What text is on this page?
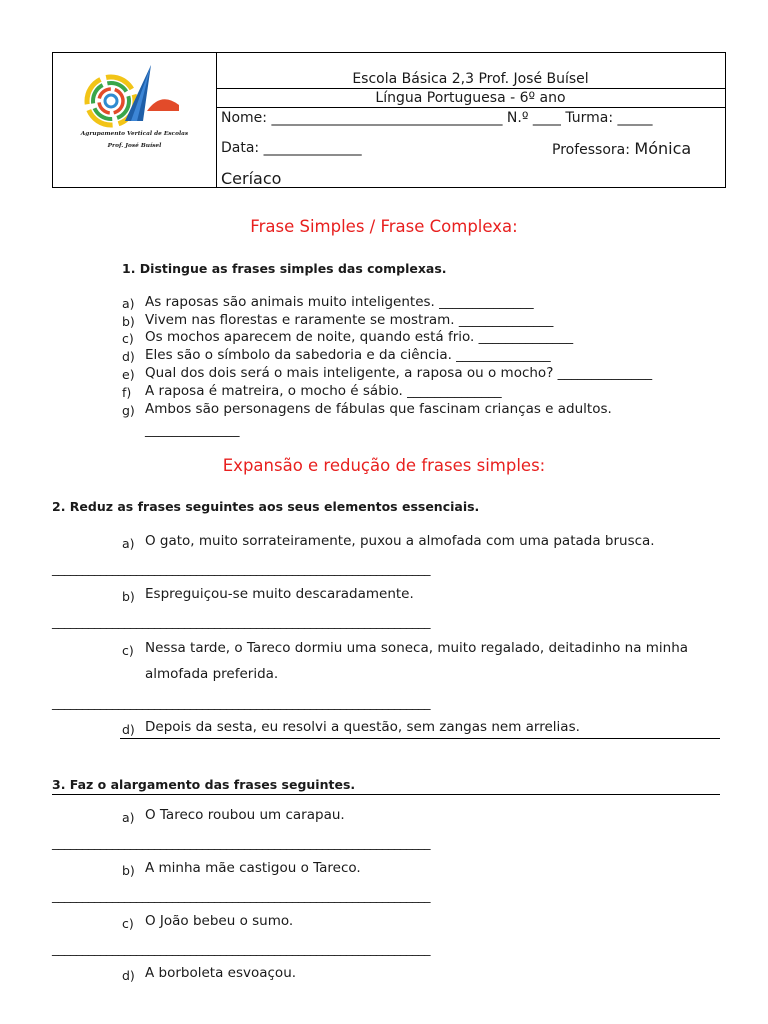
Agrupamento Vertical de Escolas
Prof. José Buísel
Escola Básica 2,3 Prof. José Buísel
Língua Portuguesa - 6º ano
Nome: _________________________________ N.º ____ Turma: _____
Data: ______________	Professora: Mónica
Ceríaco
Frase Simples / Frase Complexa:
1. Distingue as frases simples das complexas.
a) As raposas são animais muito inteligentes. ______________
b) Vivem nas florestas e raramente se mostram. ______________
c) Os mochos aparecem de noite, quando está frio. ______________
d) Eles são o símbolo da sabedoria e da ciência. ______________
e) Qual dos dois será o mais inteligente, a raposa ou o mocho? ______________
f) A raposa é matreira, o mocho é sábio. ______________
g) Ambos são personagens de fábulas que fascinam crianças e adultos.
______________
Expansão e redução de frases simples:
2. Reduz as frases seguintes aos seus elementos essenciais.
a) O gato, muito sorrateiramente, puxou a almofada com uma patada brusca.
_______________________________________________________________
b) Espreguiçou-se muito descaradamente.
_______________________________________________________________
c) Nessa tarde, o Tareco dormiu uma soneca, muito regalado, deitadinho na minha
almofada preferida.
_______________________________________________________________
d) Depois da sesta, eu resolvi a questão, sem zangas nem arrelias.
3. Faz o alargamento das frases seguintes.
a) O Tareco roubou um carapau.
_______________________________________________________________
b) A minha mãe castigou o Tareco.
_______________________________________________________________
c) O João bebeu o sumo.
_______________________________________________________________
d) A borboleta esvoaçou.
